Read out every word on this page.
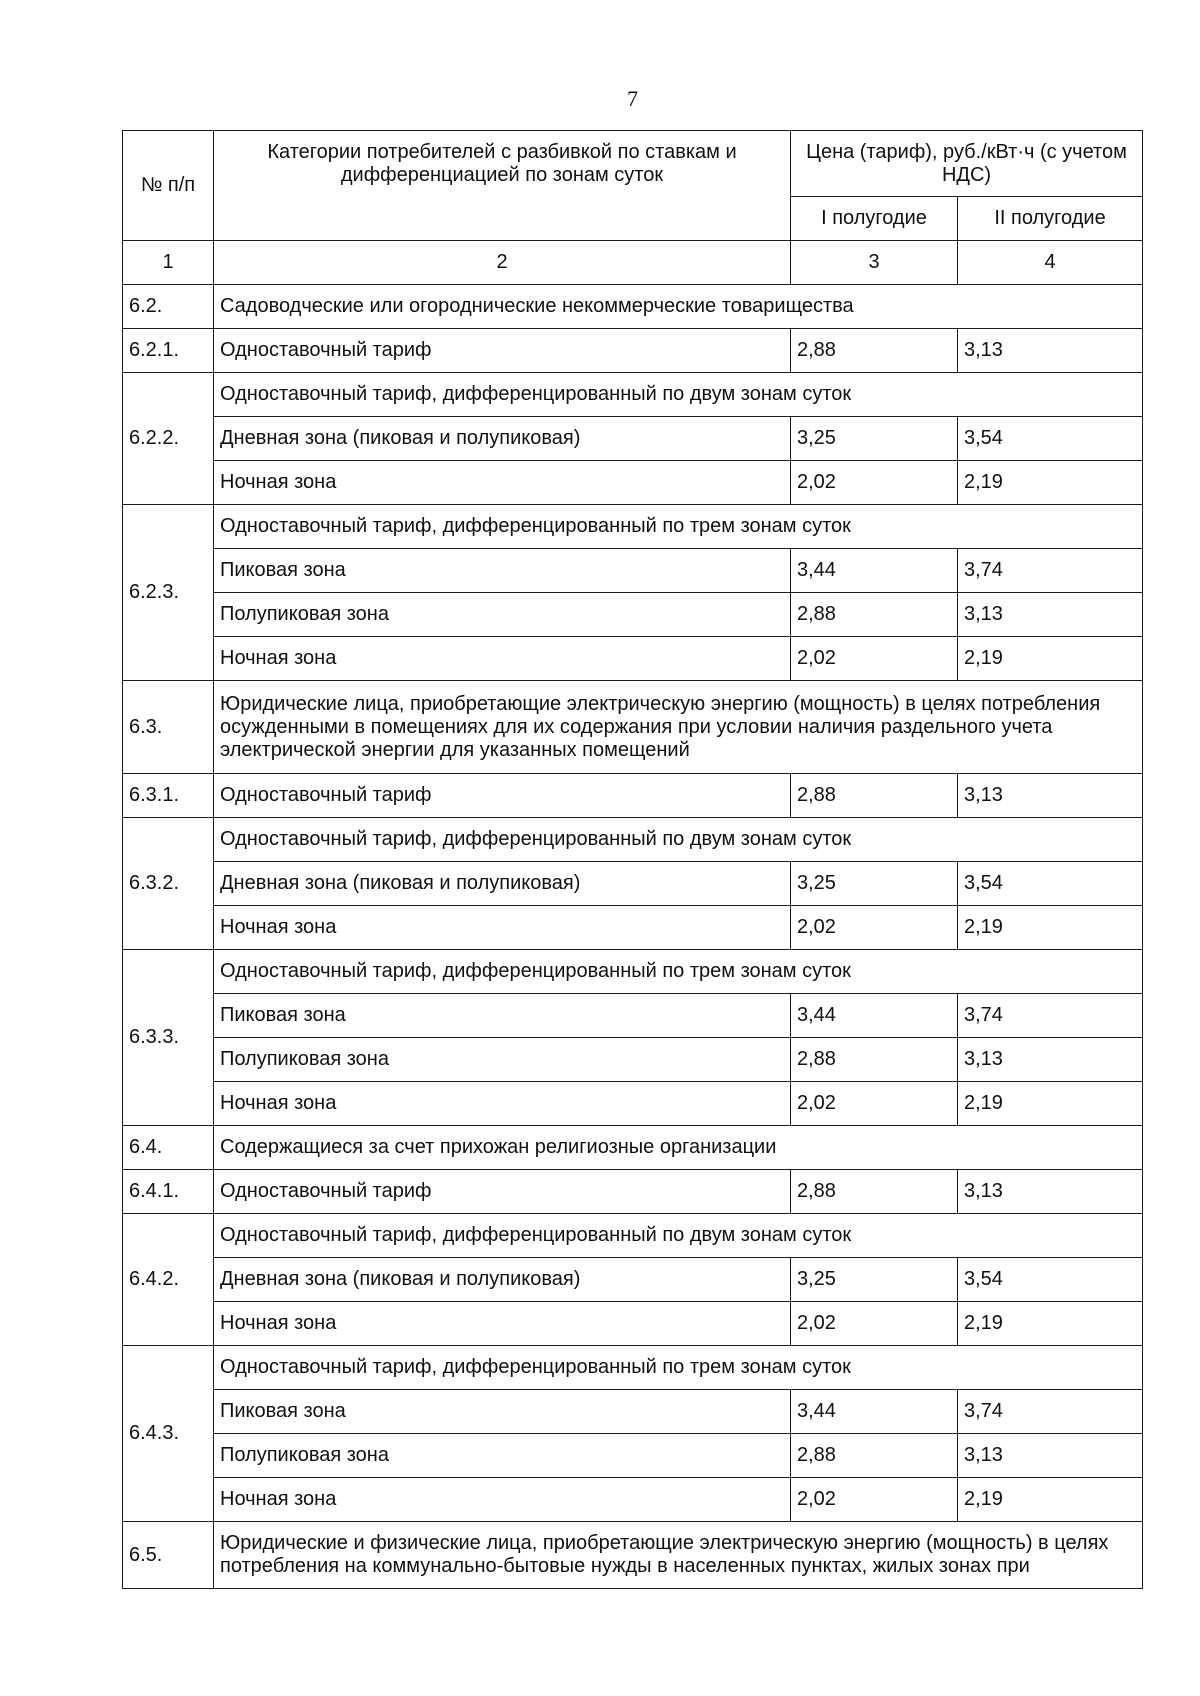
7
№ п/п	Категории потребителей с разбивкой по ставкам и дифференциацией по зонам суток	Цена (тариф), руб./кВт·ч (с учетом НДС)	
		I полугодие	II полугодие
1	2	3	4
6.2.	Садоводческие или огороднические некоммерческие товарищества		
6.2.1.	Одноставочный тариф	2,88	3,13
6.2.2.	Одноставочный тариф, дифференцированный по двум зонам суток		
	Дневная зона (пиковая и полупиковая)	3,25	3,54
	Ночная зона	2,02	2,19
6.2.3.	Одноставочный тариф, дифференцированный по трем зонам суток		
	Пиковая зона	3,44	3,74
	Полупиковая зона	2,88	3,13
	Ночная зона	2,02	2,19
6.3.	Юридические лица, приобретающие электрическую энергию (мощность) в целях потребления осужденными в помещениях для их содержания при условии наличия раздельного учета электрической энергии для указанных помещений		
6.3.1.	Одноставочный тариф	2,88	3,13
6.3.2.	Одноставочный тариф, дифференцированный по двум зонам суток		
	Дневная зона (пиковая и полупиковая)	3,25	3,54
	Ночная зона	2,02	2,19
6.3.3.	Одноставочный тариф, дифференцированный по трем зонам суток		
	Пиковая зона	3,44	3,74
	Полупиковая зона	2,88	3,13
	Ночная зона	2,02	2,19
6.4.	Содержащиеся за счет прихожан религиозные организации		
6.4.1.	Одноставочный тариф	2,88	3,13
6.4.2.	Одноставочный тариф, дифференцированный по двум зонам суток		
	Дневная зона (пиковая и полупиковая)	3,25	3,54
	Ночная зона	2,02	2,19
6.4.3.	Одноставочный тариф, дифференцированный по трем зонам суток		
	Пиковая зона	3,44	3,74
	Полупиковая зона	2,88	3,13
	Ночная зона	2,02	2,19
6.5.	Юридические и физические лица, приобретающие электрическую энергию (мощность) в целях потребления на коммунально-бытовые нужды в населенных пунктах, жилых зонах при		
